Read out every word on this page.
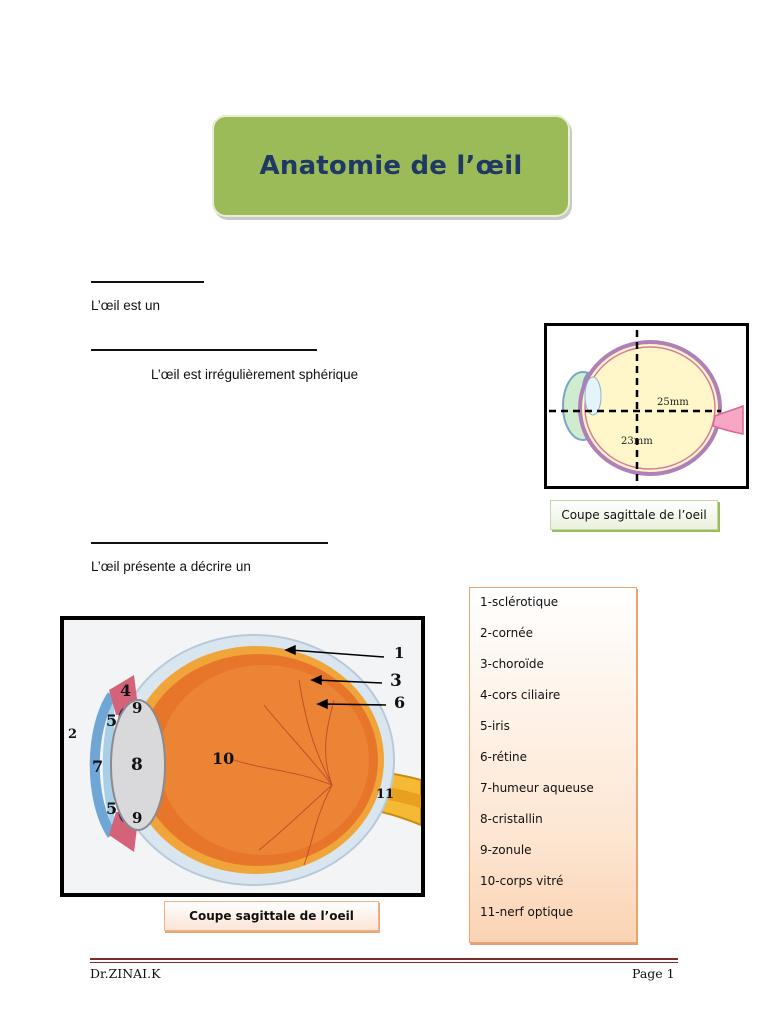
Anatomie de l’œil
L’œil est un
L’œil est irrégulièrement sphérique
L’œil présente a décrire un
25mm
23mm
Coupe sagittale de l’oeil
1
2
3
4
5
5
6
7 8
9
9
10
11
Coupe sagittale de l’oeil
1-sclérotique
2-cornée
3-choroïde
4-cors ciliaire
5-iris
6-rétine
7-humeur aqueuse
8-cristallin
9-zonule
10-corps vitré
11-nerf optique
Dr.ZINAI.K	Page 1
